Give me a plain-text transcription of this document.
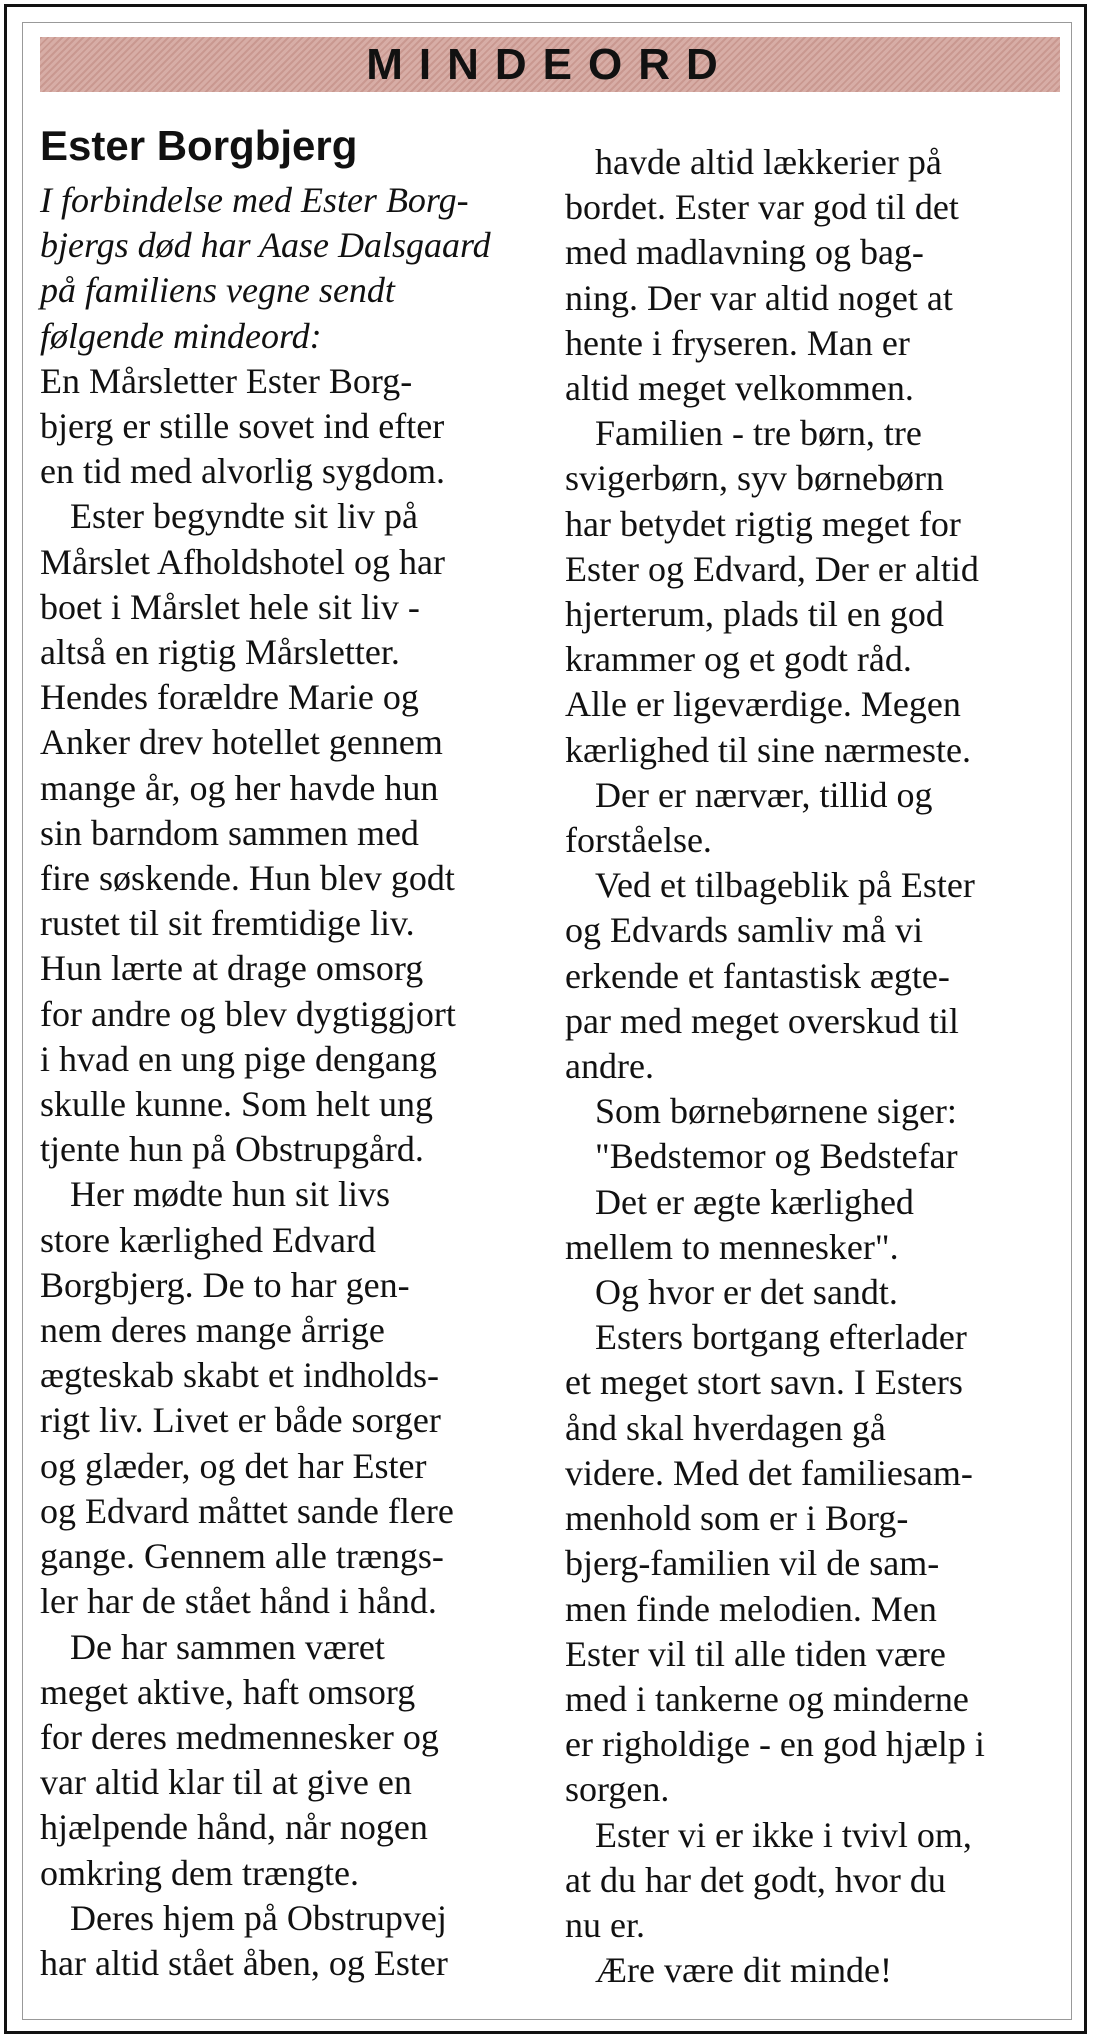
MINDEORD
Ester Borgbjerg
I forbindelse med Ester Borg-
bjergs død har Aase Dalsgaard
på familiens vegne sendt
følgende mindeord:
En Mårsletter Ester Borg-
bjerg er stille sovet ind efter
en tid med alvorlig sygdom.
Ester begyndte sit liv på
Mårslet Afholdshotel og har
boet i Mårslet hele sit liv -
altså en rigtig Mårsletter.
Hendes forældre Marie og
Anker drev hotellet gennem
mange år, og her havde hun
sin barndom sammen med
fire søskende. Hun blev godt
rustet til sit fremtidige liv.
Hun lærte at drage omsorg
for andre og blev dygtiggjort
i hvad en ung pige dengang
skulle kunne. Som helt ung
tjente hun på Obstrupgård.
Her mødte hun sit livs
store kærlighed Edvard
Borgbjerg. De to har gen-
nem deres mange årrige
ægteskab skabt et indholds-
rigt liv. Livet er både sorger
og glæder, og det har Ester
og Edvard måttet sande flere
gange. Gennem alle trængs-
ler har de stået hånd i hånd.
De har sammen været
meget aktive, haft omsorg
for deres medmennesker og
var altid klar til at give en
hjælpende hånd, når nogen
omkring dem trængte.
Deres hjem på Obstrupvej
har altid stået åben, og Ester
havde altid lækkerier på
bordet. Ester var god til det
med madlavning og bag-
ning. Der var altid noget at
hente i fryseren. Man er
altid meget velkommen.
Familien - tre børn, tre
svigerbørn, syv børnebørn
har betydet rigtig meget for
Ester og Edvard, Der er altid
hjerterum, plads til en god
krammer og et godt råd.
Alle er ligeværdige. Megen
kærlighed til sine nærmeste.
Der er nærvær, tillid og
forståelse.
Ved et tilbageblik på Ester
og Edvards samliv må vi
erkende et fantastisk ægte-
par med meget overskud til
andre.
Som børnebørnene siger:
"Bedstemor og Bedstefar
Det er ægte kærlighed
mellem to mennesker".
Og hvor er det sandt.
Esters bortgang efterlader
et meget stort savn. I Esters
ånd skal hverdagen gå
videre. Med det familiesam-
menhold som er i Borg-
bjerg-familien vil de sam-
men finde melodien. Men
Ester vil til alle tiden være
med i tankerne og minderne
er righoldige - en god hjælp i
sorgen.
Ester vi er ikke i tvivl om,
at du har det godt, hvor du
nu er.
Ære være dit minde!
